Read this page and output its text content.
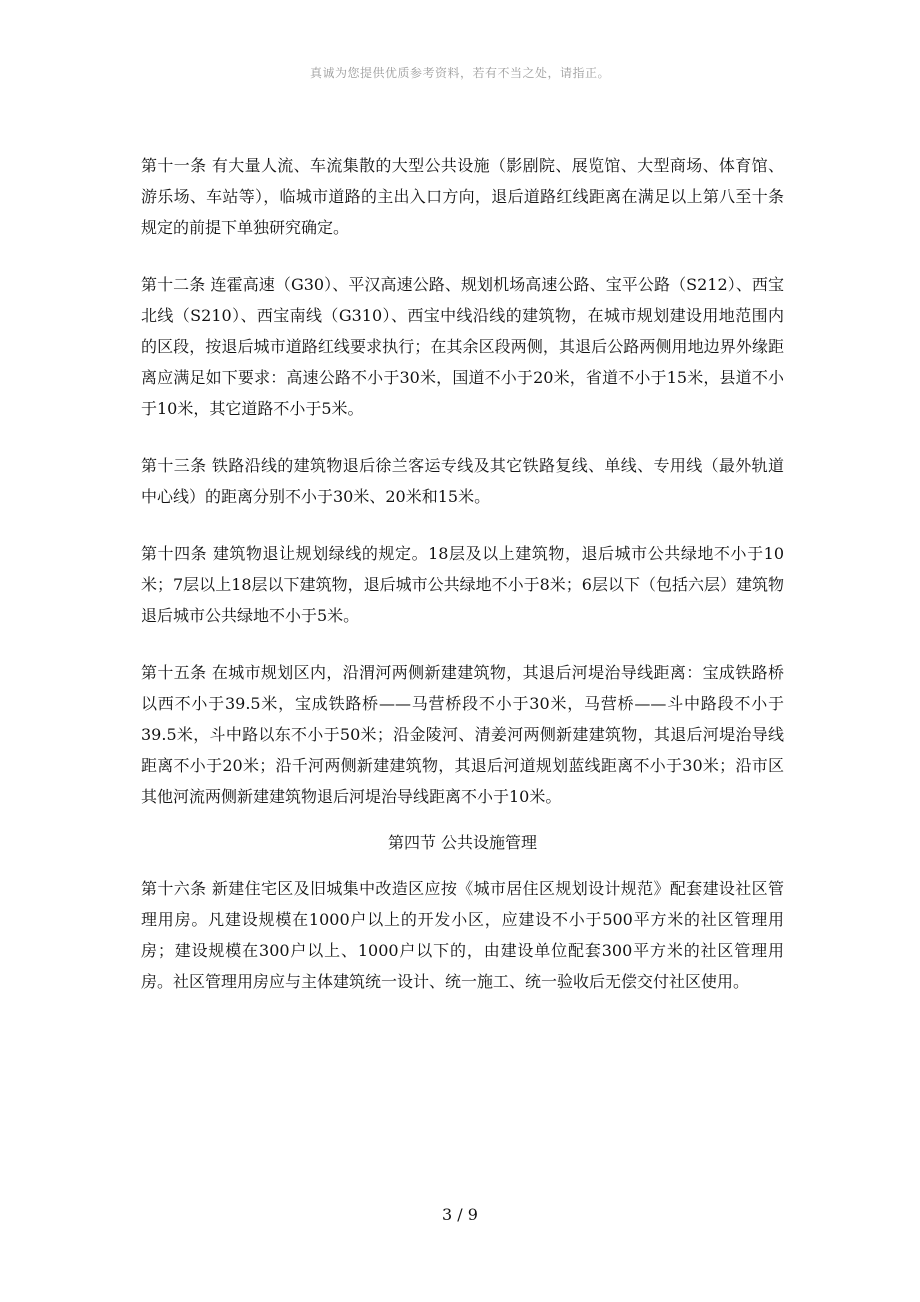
真诚为您提供优质参考资料，若有不当之处，请指正。

第十一条 有大量人流、车流集散的大型公共设施（影剧院、展览馆、大型商场、体育馆、游乐场、车站等），临城市道路的主出入口方向，退后道路红线距离在满足以上第八至十条规定的前提下单独研究确定。

第十二条 连霍高速（G30）、平汉高速公路、规划机场高速公路、宝平公路（S212）、西宝北线（S210）、西宝南线（G310）、西宝中线沿线的建筑物，在城市规划建设用地范围内的区段，按退后城市道路红线要求执行；在其余区段两侧，其退后公路两侧用地边界外缘距离应满足如下要求：高速公路不小于30米，国道不小于20米，省道不小于15米，县道不小于10米，其它道路不小于5米。

第十三条 铁路沿线的建筑物退后徐兰客运专线及其它铁路复线、单线、专用线（最外轨道中心线）的距离分别不小于30米、20米和15米。

第十四条 建筑物退让规划绿线的规定。18层及以上建筑物，退后城市公共绿地不小于10米；7层以上18层以下建筑物，退后城市公共绿地不小于8米；6层以下（包括六层）建筑物退后城市公共绿地不小于5米。

第十五条 在城市规划区内，沿渭河两侧新建建筑物，其退后河堤治导线距离：宝成铁路桥以西不小于39.5米，宝成铁路桥——马营桥段不小于30米，马营桥——斗中路段不小于39.5米，斗中路以东不小于50米；沿金陵河、清姜河两侧新建建筑物，其退后河堤治导线距离不小于20米；沿千河两侧新建建筑物，其退后河道规划蓝线距离不小于30米；沿市区其他河流两侧新建建筑物退后河堤治导线距离不小于10米。

第四节 公共设施管理

第十六条 新建住宅区及旧城集中改造区应按《城市居住区规划设计规范》配套建设社区管理用房。凡建设规模在1000户以上的开发小区，应建设不小于500平方米的社区管理用房；建设规模在300户以上、1000户以下的，由建设单位配套300平方米的社区管理用房。社区管理用房应与主体建筑统一设计、统一施工、统一验收后无偿交付社区使用。

3 / 9
